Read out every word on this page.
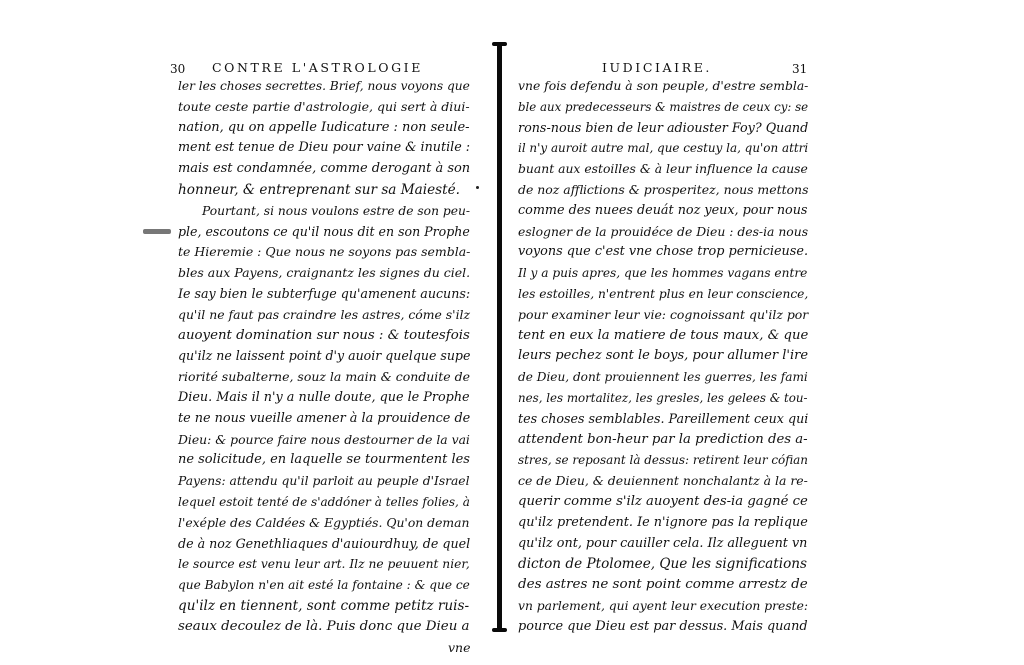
30 CONTRE L'ASTROLOGIE
ler les choses secrettes. Brief, nous voyons que
toute ceste partie d'astrologie, qui sert à diui-
nation, qu on appelle Iudicature : non seule-
ment est tenue de Dieu pour vaine & inutile :
mais est condamnée, comme derogant à son
honneur, & entreprenant sur sa Maiesté.
Pourtant, si nous voulons estre de son peu-
ple, escoutons ce qu'il nous dit en son Prophe
te Hieremie : Que nous ne soyons pas sembla-
bles aux Payens, craignantz les signes du ciel.
Ie say bien le subterfuge qu'amenent aucuns:
qu'il ne faut pas craindre les astres, cóme s'ilz
auoyent domination sur nous : & toutesfois
qu'ilz ne laissent point d'y auoir quelque supe
riorité subalterne, souz la main & conduite de
Dieu. Mais il n'y a nulle doute, que le Prophe
te ne nous vueille amener à la prouidence de
Dieu: & pource faire nous destourner de la vai
ne solicitude, en laquelle se tourmentent les
Payens: attendu qu'il parloit au peuple d'Israel
lequel estoit tenté de s'addóner à telles folies, à
l'exéple des Caldées & Egyptiés. Qu'on deman
de à noz Genethliaques d'auiourdhuy, de quel
le source est venu leur art. Ilz ne peuuent nier,
que Babylon n'en ait esté la fontaine : & que ce
qu'ilz en tiennent, sont comme petitz ruis-
seaux decoulez de là. Puis donc que Dieu a
vne
IUDICIAIRE.	31
vne fois defendu à son peuple, d'estre sembla-
ble aux predecesseurs & maistres de ceux cy: se
rons-nous bien de leur adiouster Foy? Quand
il n'y auroit autre mal, que cestuy la, qu'on attri
buant aux estoilles & à leur influence la cause
de noz afflictions & prosperitez, nous mettons
comme des nuees deuát noz yeux, pour nous
eslogner de la prouidéce de Dieu : des-ia nous
voyons que c'est vne chose trop pernicieuse.
Il y a puis apres, que les hommes vagans entre
les estoilles, n'entrent plus en leur conscience,
pour examiner leur vie: cognoissant qu'ilz por
tent en eux la matiere de tous maux, & que
leurs pechez sont le boys, pour allumer l'ire
de Dieu, dont prouiennent les guerres, les fami
nes, les mortalitez, les gresles, les gelees & tou-
tes choses semblables. Pareillement ceux qui
attendent bon-heur par la prediction des a-
stres, se reposant là dessus: retirent leur cófian
ce de Dieu, & deuiennent nonchalantz à la re-
querir comme s'ilz auoyent des-ia gagné ce
qu'ilz pretendent. Ie n'ignore pas la replique
qu'ilz ont, pour cauiller cela. Ilz alleguent vn
dicton de Ptolomee, Que les significations
des astres ne sont point comme arrestz de
vn parlement, qui ayent leur execution preste:
pource que Dieu est par dessus. Mais quand
